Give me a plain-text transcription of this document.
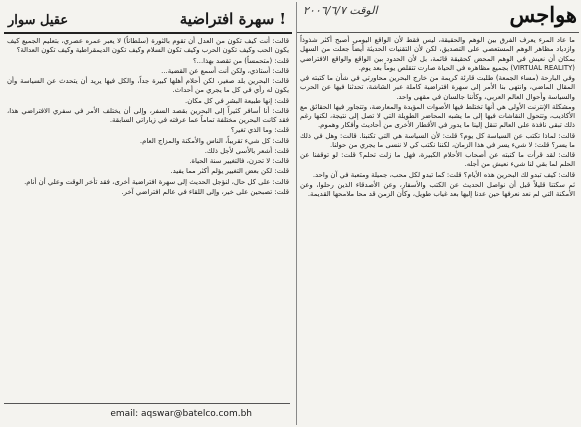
الوقت ٢٠٠٦/٦/٧	هواجس

ما عاد المرء يعرف الفرق بين الوهم والحقيقة، ليس فقط لأن الواقع اليومي أصبح أكثر شذوذاً وازدياد مظاهر الوهم المستعصي على التصديق، لكن لأن التقنيات الحديثة أيضاً جعلت من السهل بمكان أن نعيش في الوهم المحض كحقيقة قائمة، بل لأن الحدود بين الواقع والواقع الافتراضي (VIRTUAL REALITY) بجميع مظاهره في الحياة صارت تتقلص يوماً بعد يوم.

وفي البارحة (مساء الجمعة) طلبت قارئة كريمة من خارج البحرين محاورتي في شأن ما كتبته في المقال الماضي، وانتهى بنا الأمر إلى سهرة افتراضية كاملة عبر الشاشة، تحدثنا فيها عن الحرب والسياسة وأحوال العالم العربي، وكأننا جالسان في مقهى واحد.

ومشكلة الإنترنت الأولى هي أنها تختلط فيها الأصوات المؤيدة والمعارضة، وتتجاور فيها الحقائق مع الأكاذيب، وتتحول النقاشات فيها إلى ما يشبه المحاضر الطويلة التي لا تصل إلى نتيجة، لكنها رغم ذلك تبقى نافذة على العالم تنقل إلينا ما يدور في الأقطار الأخرى من أحاديث وأفكار وهموم.

قالت: لماذا تكتب عن السياسة كل يوم؟ قلت: لأن السياسة هي التي تكتبنا. قالت: وهل في ذلك ما يسر؟ قلت: لا شيء يسر في هذا الزمان، لكننا نكتب كي لا ننسى ما يجري من حولنا.

قالت: لقد قرأت ما كتبته عن أصحاب الأحلام الكبيرة، فهل ما زلت تحلم؟ قلت: لو توقفنا عن الحلم لما بقي لنا شيء نعيش من أجله.

قالت: كيف تبدو لك البحرين هذه الأيام؟ قلت: كما تبدو لكل محب، جميلة ومتعبة في آن واحد.

ثم سكتنا قليلاً قبل أن نواصل الحديث عن الكتب والأسفار، وعن الأصدقاء الذين رحلوا، وعن الأمكنة التي لم نعد نعرفها حين عدنا إليها بعد غياب طويل، وكأن الزمن قد محا ملامحها القديمة.

عقيل سوار	سهرة افتراضية !

قالت: أنت كيف تكون من العدل أن تقوم بالثورة (سلطاناً) لا يعبر عمره عصري، بتعليم الجميع كيف يكون الحب وكيف تكون الحرب وكيف تكون السلام وكيف تكون الديمقراطية وكيف تكون العدالة؟

قلت: (متحمساً) من تقصد بهذا...؟

قالت: أستاذي، ولكن أنت أسمع عن القضية...

قالت: البحرين بلد صغير، لكن أحلام أهلها كبيرة جداً، والكل فيها يريد أن يتحدث عن السياسة وأن يكون له رأي في كل ما يجري من أحداث.

قلت: إنها طبيعة البشر في كل مكان.

قالت: أنا أسافر كثيراً إلى البحرين بقصد السفر، وإلى أن يختلف الأمر في سفري الافتراضي هذا، فقد كانت البحرين مختلفة تماماً عما عرفته في زياراتي السابقة.

قلت: وما الذي تغير؟

قالت: كل شيء تقريباً، الناس والأمكنة والمزاج العام.

قلت: أشعر بالأسى لأجل ذلك.

قالت: لا تحزن، فالتغيير سنة الحياة.

قلت: لكن بعض التغيير يؤلم أكثر مما يفيد.

قالت: على كل حال، لنؤجل الحديث إلى سهرة افتراضية أخرى، فقد تأخر الوقت وعلي أن أنام.

قلت: تصبحين على خير، وإلى اللقاء في عالم افتراضي آخر.

email: aqswar@batelco.com.bh
